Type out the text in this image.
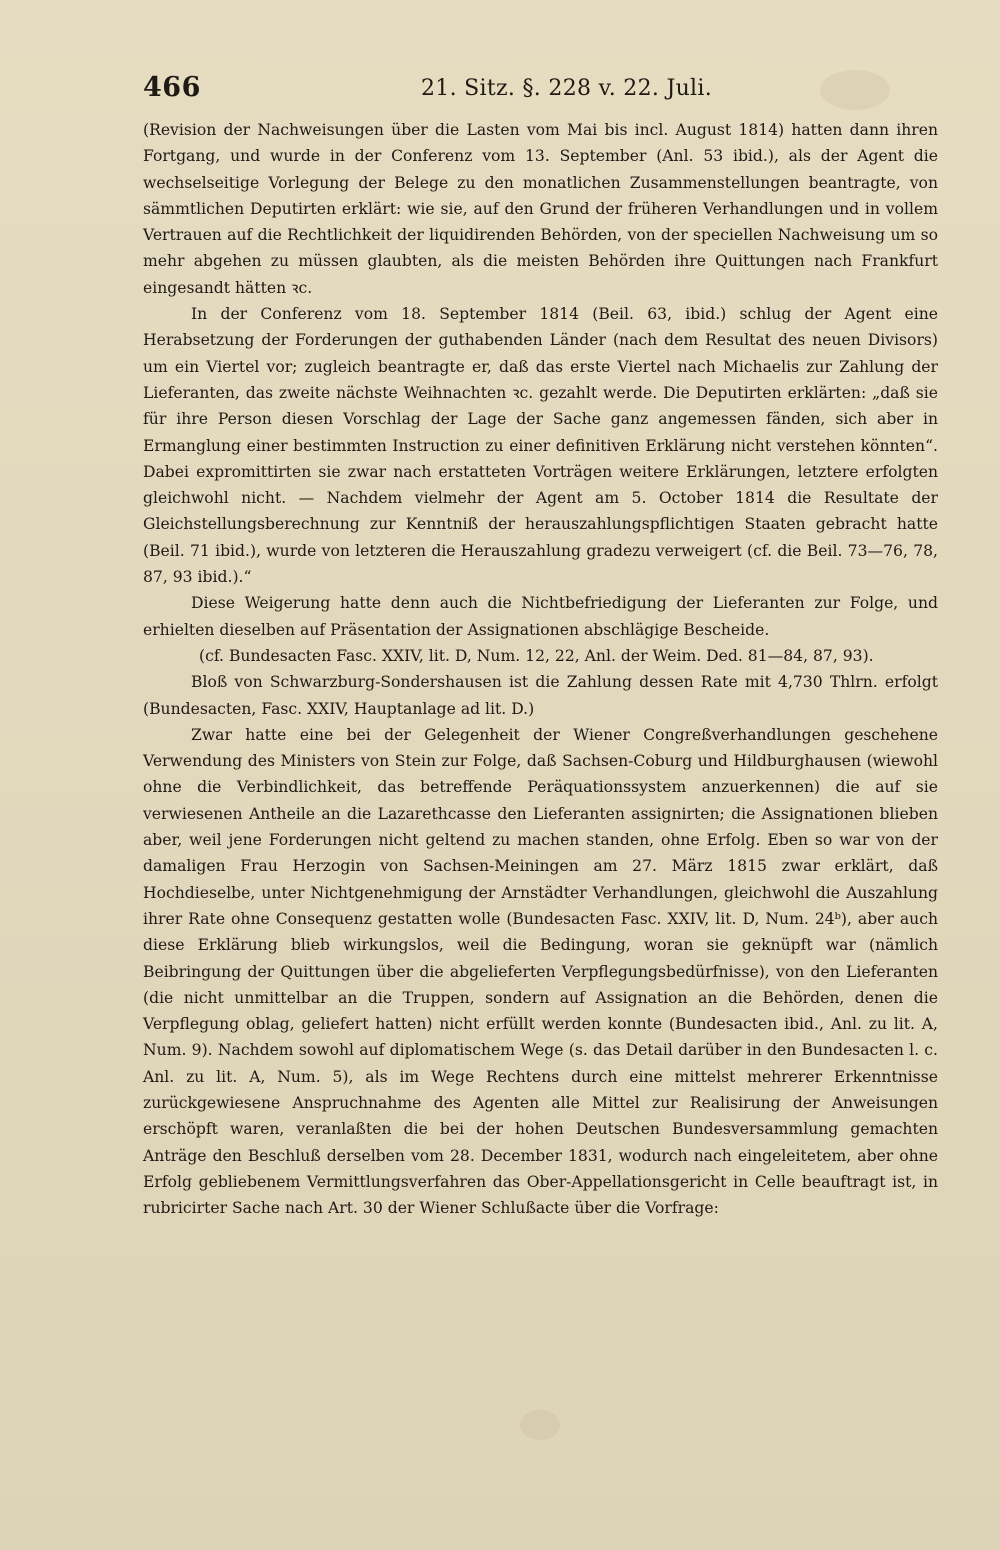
466	21. Sitz. §. 228 v. 22. Juli.

(Revision der Nachweisungen über die Lasten vom Mai bis incl. August 1814) hatten dann ihren Fortgang, und wurde in der Conferenz vom 13. September (Anl. 53 ibid.), als der Agent die wechselseitige Vorlegung der Belege zu den monatlichen Zusammenstellungen beantragte, von sämmtlichen Deputirten erklärt: wie sie, auf den Grund der früheren Verhandlungen und in vollem Vertrauen auf die Rechtlichkeit der liquidirenden Behörden, von der speciellen Nachweisung um so mehr abgehen zu müssen glaubten, als die meisten Behörden ihre Quittungen nach Frankfurt eingesandt hätten ꝛc.

In der Conferenz vom 18. September 1814 (Beil. 63, ibid.) schlug der Agent eine Herabsetzung der Forderungen der guthabenden Länder (nach dem Resultat des neuen Divisors) um ein Viertel vor; zugleich beantragte er, daß das erste Viertel nach Michaelis zur Zahlung der Lieferanten, das zweite nächste Weihnachten ꝛc. gezahlt werde. Die Deputirten erklärten: „daß sie für ihre Person diesen Vorschlag der Lage der Sache ganz angemessen fänden, sich aber in Ermanglung einer bestimmten Instruction zu einer definitiven Erklärung nicht verstehen könnten“. Dabei expromittirten sie zwar nach erstatteten Vorträgen weitere Erklärungen, letztere erfolgten gleichwohl nicht. — Nachdem vielmehr der Agent am 5. October 1814 die Resultate der Gleichstellungsberechnung zur Kenntniß der herauszahlungspflichtigen Staaten gebracht hatte (Beil. 71 ibid.), wurde von letzteren die Herauszahlung gradezu verweigert (cf. die Beil. 73—76, 78, 87, 93 ibid.).“

Diese Weigerung hatte denn auch die Nichtbefriedigung der Lieferanten zur Folge, und erhielten dieselben auf Präsentation der Assignationen abschlägige Bescheide.

(cf. Bundesacten Fasc. XXIV, lit. D, Num. 12, 22, Anl. der Weim. Ded. 81—84, 87, 93).

Bloß von Schwarzburg-Sondershausen ist die Zahlung dessen Rate mit 4,730 Thlrn. erfolgt (Bundesacten, Fasc. XXIV, Hauptanlage ad lit. D.)

Zwar hatte eine bei der Gelegenheit der Wiener Congreßverhandlungen geschehene Verwendung des Ministers von Stein zur Folge, daß Sachsen-Coburg und Hildburghausen (wiewohl ohne die Verbindlichkeit, das betreffende Peräquationssystem anzuerkennen) die auf sie verwiesenen Antheile an die Lazarethcasse den Lieferanten assignirten; die Assignationen blieben aber, weil jene Forderungen nicht geltend zu machen standen, ohne Erfolg. Eben so war von der damaligen Frau Herzogin von Sachsen-Meiningen am 27. März 1815 zwar erklärt, daß Hochdieselbe, unter Nichtgenehmigung der Arnstädter Verhandlungen, gleichwohl die Auszahlung ihrer Rate ohne Consequenz gestatten wolle (Bundesacten Fasc. XXIV, lit. D, Num. 24ᵇ), aber auch diese Erklärung blieb wirkungslos, weil die Bedingung, woran sie geknüpft war (nämlich Beibringung der Quittungen über die abgelieferten Verpflegungsbedürfnisse), von den Lieferanten (die nicht unmittelbar an die Truppen, sondern auf Assignation an die Behörden, denen die Verpflegung oblag, geliefert hatten) nicht erfüllt werden konnte (Bundesacten ibid., Anl. zu lit. A, Num. 9). Nachdem sowohl auf diplomatischem Wege (s. das Detail darüber in den Bundesacten l. c. Anl. zu lit. A, Num. 5), als im Wege Rechtens durch eine mittelst mehrerer Erkenntnisse zurückgewiesene Anspruchnahme des Agenten alle Mittel zur Realisirung der Anweisungen erschöpft waren, veranlaßten die bei der hohen Deutschen Bundesversammlung gemachten Anträge den Beschluß derselben vom 28. December 1831, wodurch nach eingeleitetem, aber ohne Erfolg gebliebenem Vermittlungsverfahren das Ober-Appellationsgericht in Celle beauftragt ist, in rubricirter Sache nach Art. 30 der Wiener Schlußacte über die Vorfrage:
